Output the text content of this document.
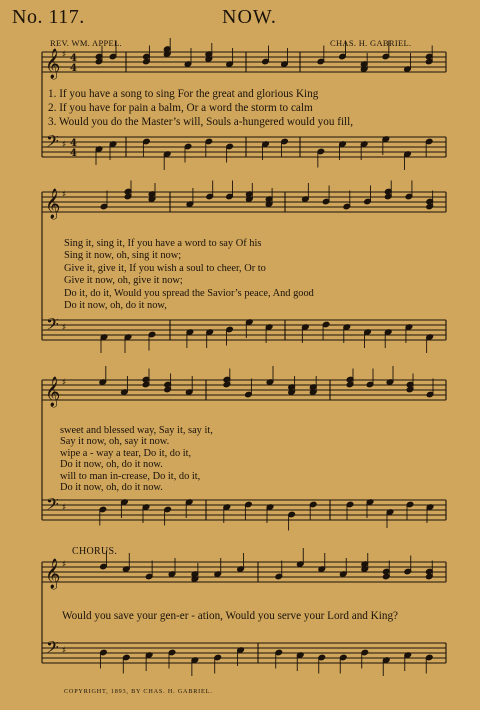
𝄞
𝄢
♯
♯
4
4
4
4
𝄞
𝄢
♯
♯
𝄞
𝄢
♯
♯
𝄞
𝄢
♯
♯
No. 117.	NOW.
REV. WM. APPEL.	CHAS. H. GABRIEL.
1. If you have a song to sing For the great and glorious King
2. If you have for pain a balm, Or a word the storm to calm
3. Would you do the Master’s will, Souls a-hungered would you fill,
Sing it, sing it, If you have a word to say Of his
Sing it now, oh, sing it now;
Give it, give it, If you wish a soul to cheer, Or to
Give it now, oh, give it now;
Do it, do it, Would you spread the Savior’s peace, And good
Do it now, oh, do it now,
sweet and blessed way, Say it, say it,
Say it now, oh, say it now.
wipe a - way a tear, Do it, do it,
Do it now, oh, do it now.
will to man in-crease, Do it, do it,
Do it now, oh, do it now.
CHORUS.
Would you save your gen-er - ation, Would you serve your Lord and King?
COPYRIGHT, 1893, BY CHAS. H. GABRIEL.
